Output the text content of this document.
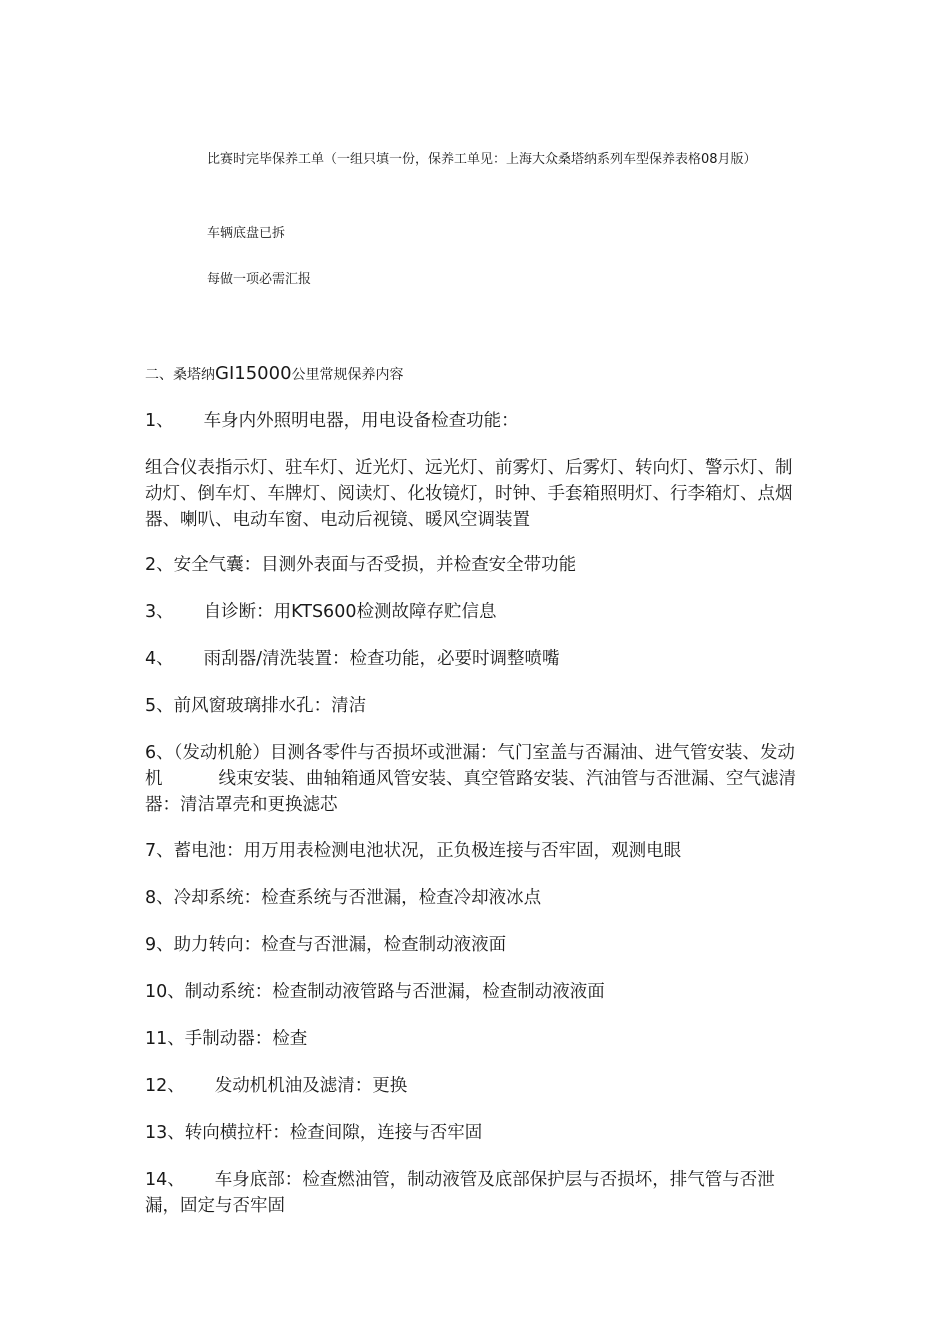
比赛时完毕保养工单（一组只填一份，保养工单见：上海大众桑塔纳系列车型保养表格08月版）
车辆底盘已拆
每做一项必需汇报
二、桑塔纳GI15000公里常规保养内容
1、 车身内外照明电器，用电设备检查功能：
组合仪表指示灯、驻车灯、近光灯、远光灯、前雾灯、后雾灯、转向灯、警示灯、制动灯、倒车灯、车牌灯、阅读灯、化妆镜灯，时钟、手套箱照明灯、行李箱灯、点烟器、喇叭、电动车窗、电动后视镜、暖风空调装置
2、安全气囊：目测外表面与否受损，并检查安全带功能
3、 自诊断：用KTS600检测故障存贮信息
4、 雨刮器/清洗装置：检查功能，必要时调整喷嘴
5、前风窗玻璃排水孔：清洁
6、（发动机舱）目测各零件与否损坏或泄漏：气门室盖与否漏油、进气管安装、发动机	线束安装、曲轴箱通风管安装、真空管路安装、汽油管与否泄漏、空气滤清器：清洁罩壳和更换滤芯
7、蓄电池：用万用表检测电池状况，正负极连接与否牢固，观测电眼
8、冷却系统：检查系统与否泄漏，检查冷却液冰点
9、助力转向：检查与否泄漏，检查制动液液面
10、制动系统：检查制动液管路与否泄漏，检查制动液液面
11、手制动器：检查
12、 发动机机油及滤清：更换
13、转向横拉杆：检查间隙，连接与否牢固
14、 车身底部：检查燃油管，制动液管及底部保护层与否损坏，排气管与否泄漏，固定与否牢固
